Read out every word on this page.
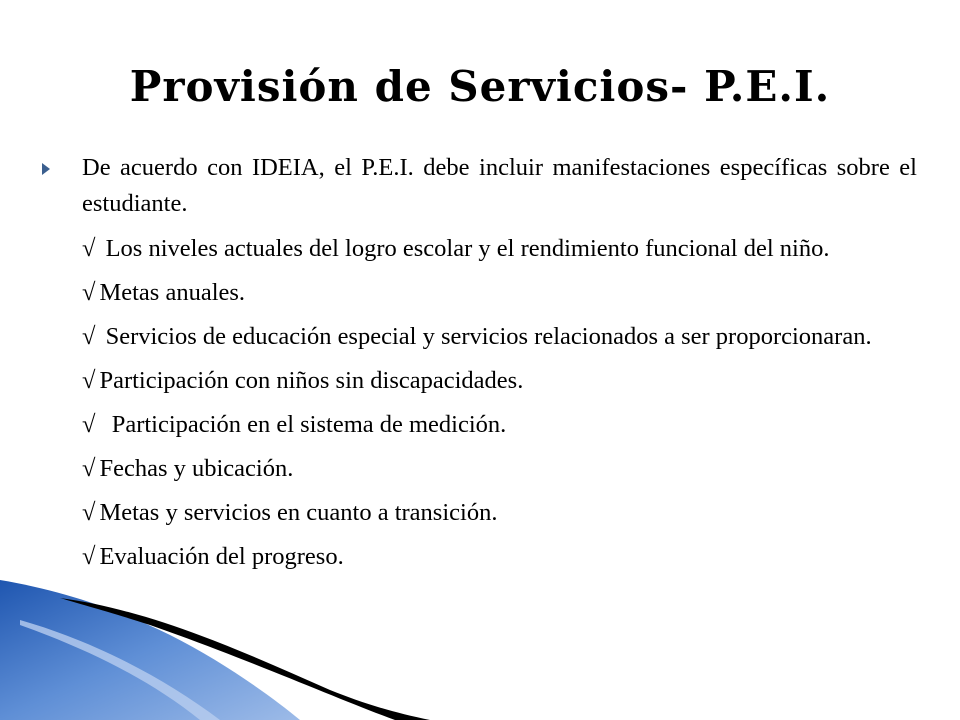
Provisión de Servicios- P.E.I.
De acuerdo con IDEIA, el P.E.I. debe incluir manifestaciones específicas sobre el estudiante.
√ Los niveles actuales del logro escolar y el rendimiento funcional del niño.
√ Metas anuales.
√ Servicios de educación especial y servicios relacionados a ser proporcionaran.
√ Participación con niños sin discapacidades.
√ Participación en el sistema de medición.
√ Fechas y ubicación.
√ Metas y servicios en cuanto a transición.
√ Evaluación del progreso.
